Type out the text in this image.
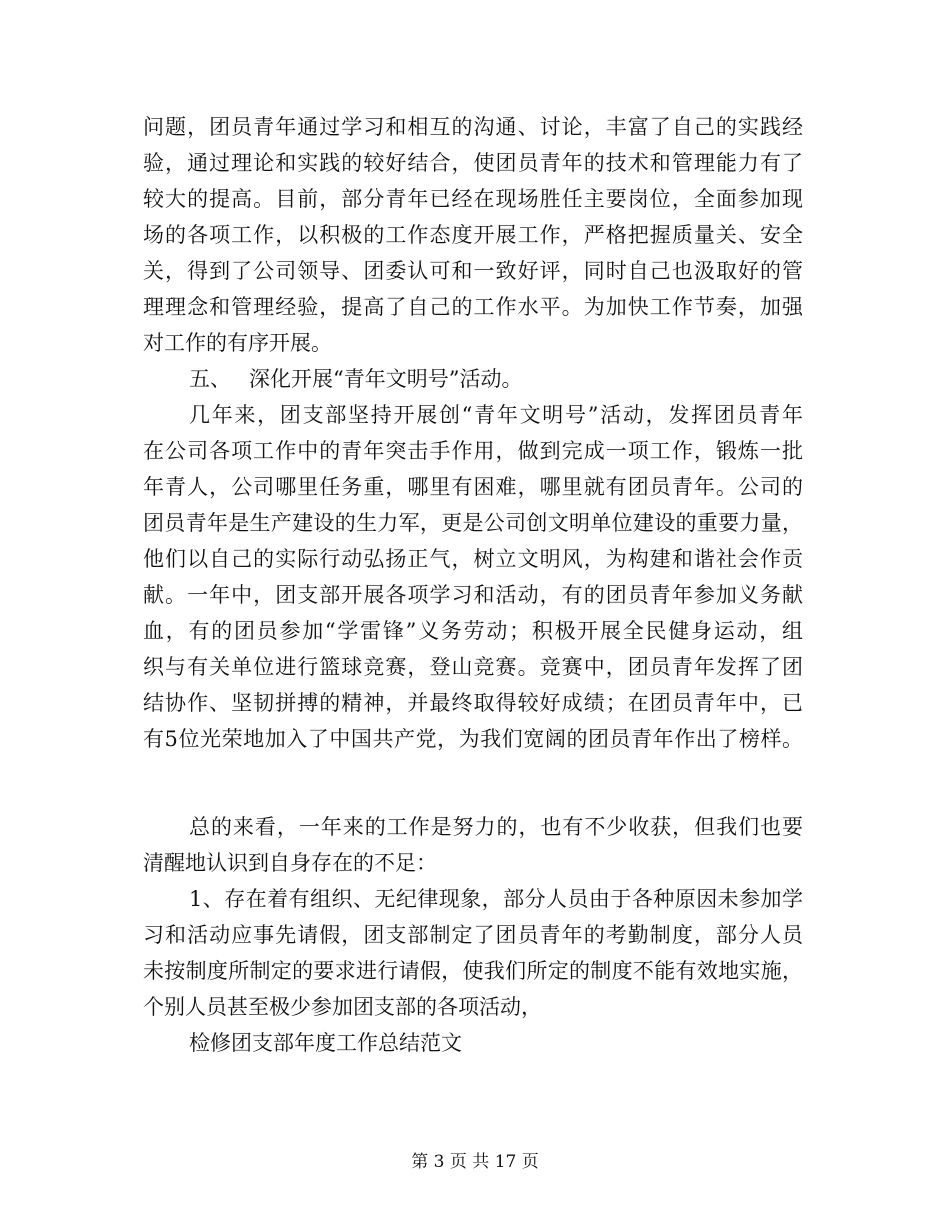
问题，团员青年通过学习和相互的沟通、讨论，丰富了自己的实践经
验，通过理论和实践的较好结合，使团员青年的技术和管理能力有了
较大的提高。目前，部分青年已经在现场胜任主要岗位，全面参加现
场的各项工作，以积极的工作态度开展工作，严格把握质量关、安全
关，得到了公司领导、团委认可和一致好评，同时自己也汲取好的管
理理念和管理经验，提高了自己的工作水平。为加快工作节奏，加强
对工作的有序开展。
五、 深化开展“青年文明号”活动。
几年来，团支部坚持开展创“青年文明号”活动，发挥团员青年
在公司各项工作中的青年突击手作用，做到完成一项工作，锻炼一批
年青人，公司哪里任务重，哪里有困难，哪里就有团员青年。公司的
团员青年是生产建设的生力军，更是公司创文明单位建设的重要力量，
他们以自己的实际行动弘扬正气，树立文明风，为构建和谐社会作贡
献。一年中，团支部开展各项学习和活动，有的团员青年参加义务献
血，有的团员参加“学雷锋”义务劳动；积极开展全民健身运动，组
织与有关单位进行篮球竞赛，登山竞赛。竞赛中，团员青年发挥了团
结协作、坚韧拼搏的精神，并最终取得较好成绩；在团员青年中，已
有5位光荣地加入了中国共产党，为我们宽阔的团员青年作出了榜样。
总的来看，一年来的工作是努力的，也有不少收获，但我们也要
清醒地认识到自身存在的不足：
1、存在着有组织、无纪律现象，部分人员由于各种原因未参加学
习和活动应事先请假，团支部制定了团员青年的考勤制度，部分人员
未按制度所制定的要求进行请假，使我们所定的制度不能有效地实施，
个别人员甚至极少参加团支部的各项活动，
检修团支部年度工作总结范文
第 3 页 共 17 页
